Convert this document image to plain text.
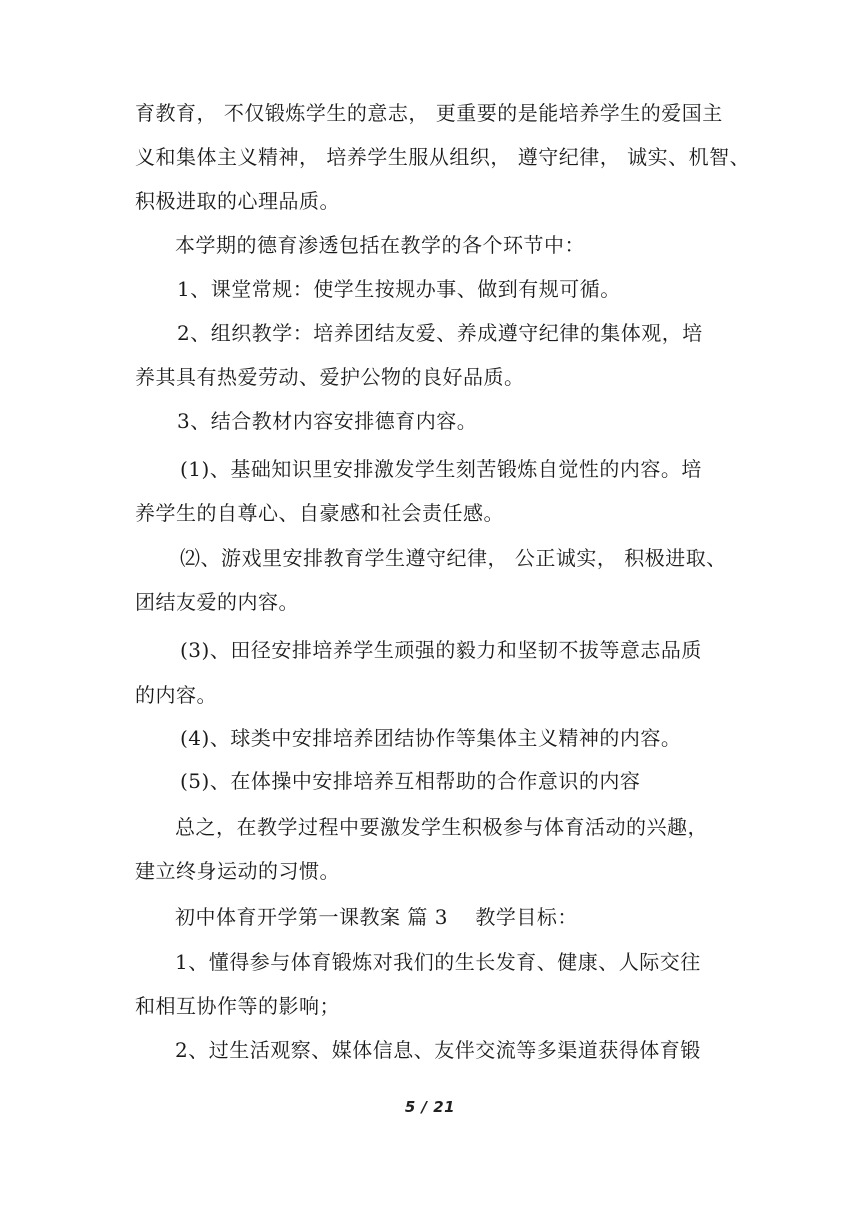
育教育， 不仅锻炼学生的意志， 更重要的是能培养学生的爱国主
义和集体主义精神， 培养学生服从组织， 遵守纪律， 诚实、机智、
积极进取的心理品质。
本学期的德育渗透包括在教学的各个环节中：
1、课堂常规：使学生按规办事、做到有规可循。
2、组织教学：培养团结友爱、养成遵守纪律的集体观，培
养其具有热爱劳动、爱护公物的良好品质。
3、结合教材内容安排德育内容。
(1)、基础知识里安排激发学生刻苦锻炼自觉性的内容。培
养学生的自尊心、自豪感和社会责任感。
⑵、游戏里安排教育学生遵守纪律， 公正诚实， 积极进取、
团结友爱的内容。
(3)、田径安排培养学生顽强的毅力和坚韧不拔等意志品质
的内容。
(4)、球类中安排培养团结协作等集体主义精神的内容。
(5)、在体操中安排培养互相帮助的合作意识的内容
总之，在教学过程中要激发学生积极参与体育活动的兴趣，
建立终身运动的习惯。
初中体育开学第一课教案 篇 3    教学目标：
1、懂得参与体育锻炼对我们的生长发育、健康、人际交往
和相互协作等的影响；
2、过生活观察、媒体信息、友伴交流等多渠道获得体育锻
5 / 21
